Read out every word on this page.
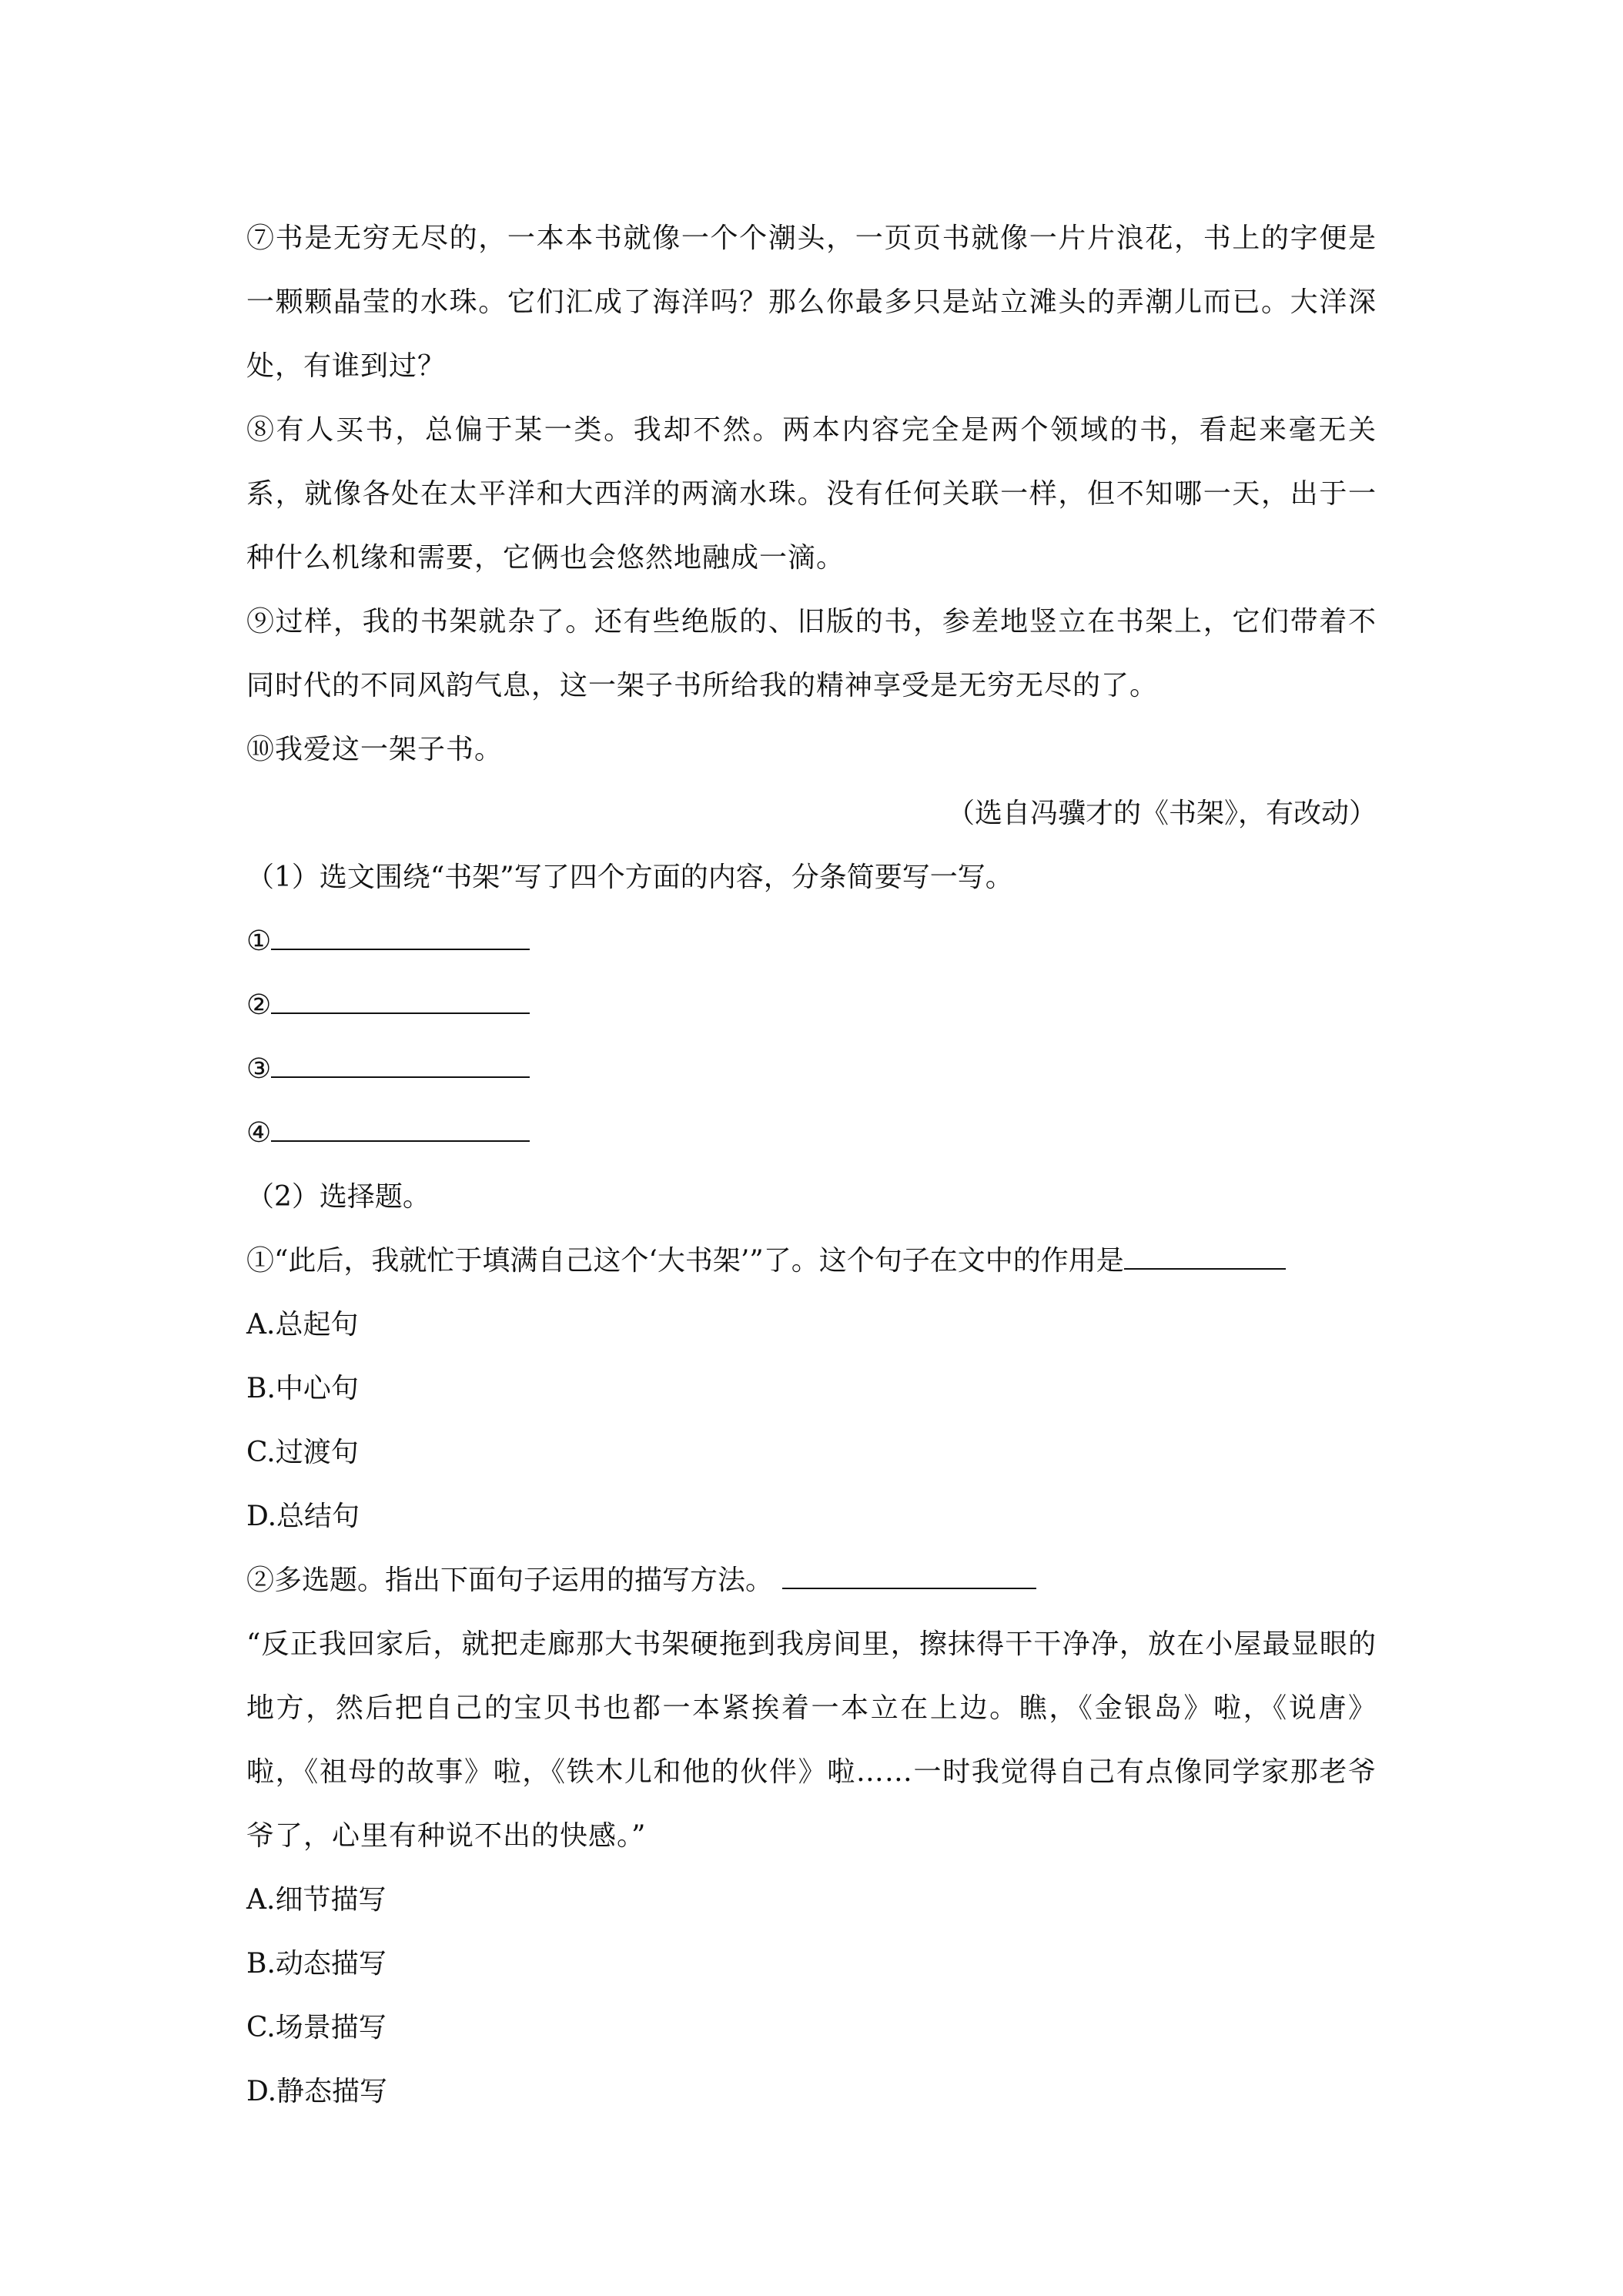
⑦书是无穷无尽的，一本本书就像一个个潮头，一页页书就像一片片浪花，书上的字便是一颗颗晶莹的水珠。它们汇成了海洋吗？那么你最多只是站立滩头的弄潮儿而已。大洋深处，有谁到过？

⑧有人买书，总偏于某一类。我却不然。两本内容完全是两个领域的书，看起来毫无关系，就像各处在太平洋和大西洋的两滴水珠。没有任何关联一样，但不知哪一天，出于一种什么机缘和需要，它俩也会悠然地融成一滴。

⑨过样，我的书架就杂了。还有些绝版的、旧版的书，参差地竖立在书架上，它们带着不同时代的不同风韵气息，这一架子书所给我的精神享受是无穷无尽的了。

⑩我爱这一架子书。

（选自冯骥才的《书架》，有改动）

（1）选文围绕“书架”写了四个方面的内容，分条简要写一写。

①

②

③

④

（2）选择题。

①“此后，我就忙于填满自己这个‘大书架’”了。这个句子在文中的作用是

A.总起句

B.中心句

C.过渡句

D.总结句

②多选题。指出下面句子运用的描写方法。

“反正我回家后，就把走廊那大书架硬拖到我房间里，擦抹得干干净净，放在小屋最显眼的地方，然后把自己的宝贝书也都一本紧挨着一本立在上边。瞧，《金银岛》啦，《说唐》啦，《祖母的故事》啦，《铁木儿和他的伙伴》啦……一时我觉得自己有点像同学家那老爷爷了，心里有种说不出的快感。”

A.细节描写

B.动态描写

C.场景描写

D.静态描写
